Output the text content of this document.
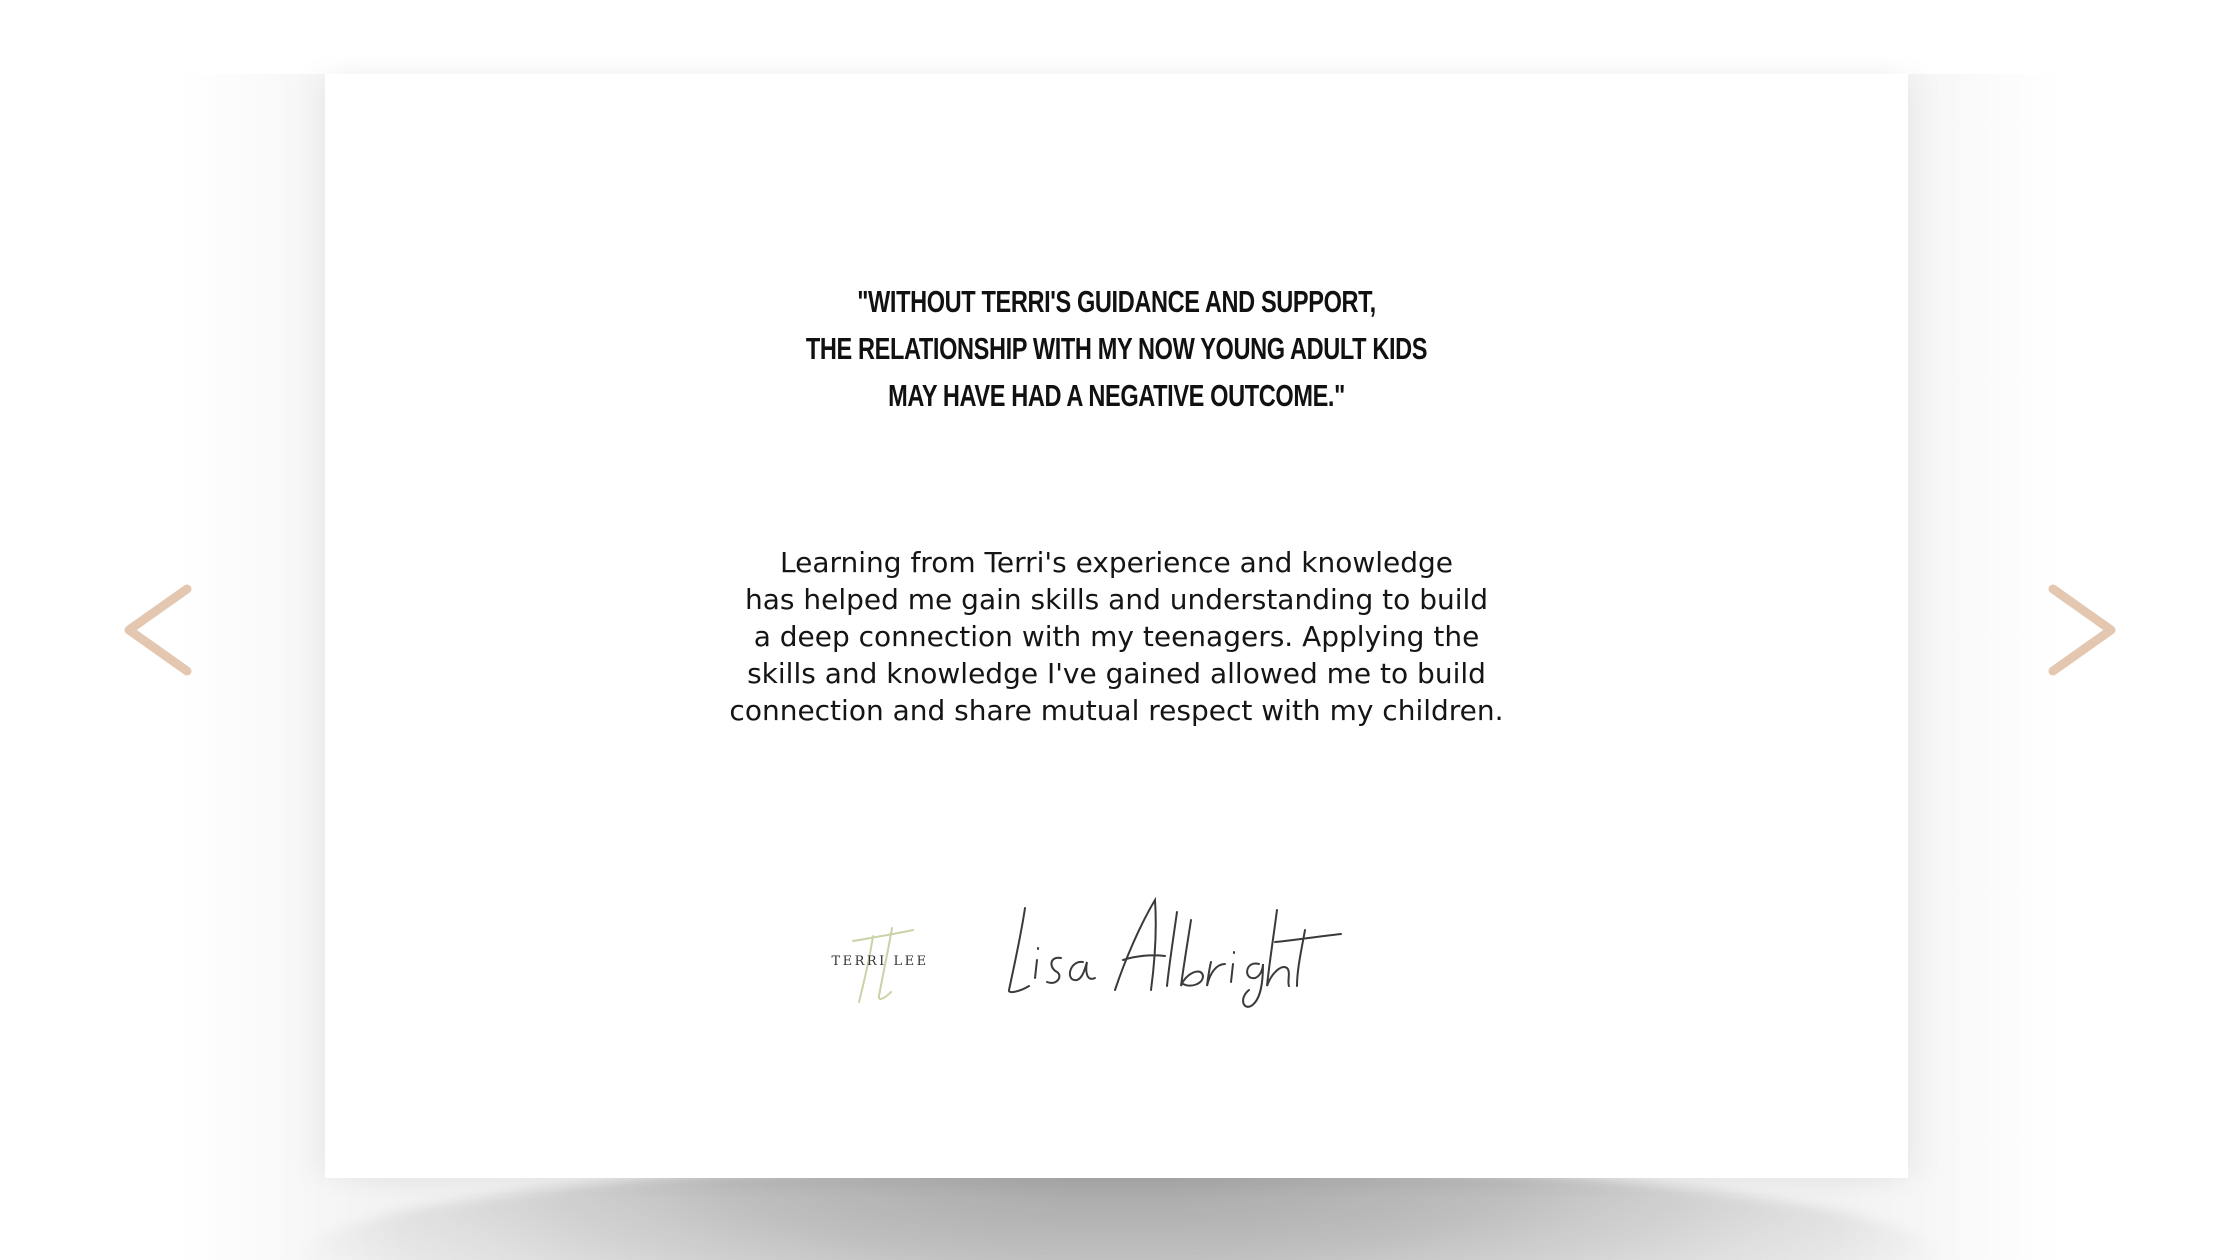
"WITHOUT TERRI'S GUIDANCE AND SUPPORT,
THE RELATIONSHIP WITH MY NOW YOUNG ADULT KIDS
MAY HAVE HAD A NEGATIVE OUTCOME."
Learning from Terri's experience and knowledge
has helped me gain skills and understanding to build
a deep connection with my teenagers. Applying the
skills and knowledge I've gained allowed me to build
connection and share mutual respect with my children.
TERRI LEE
